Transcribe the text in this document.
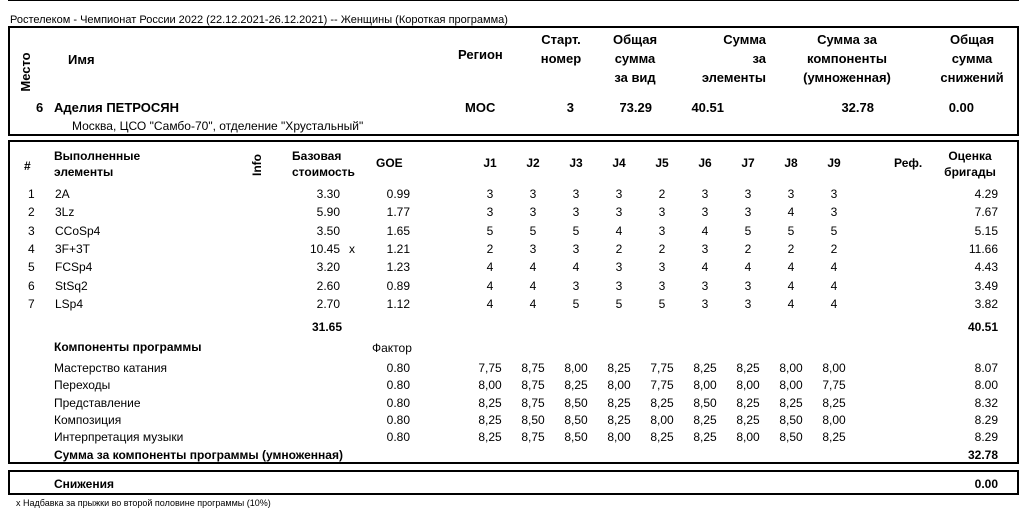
Ростелеком - Чемпионат России 2022 (22.12.2021-26.12.2021) -- Женщины (Короткая программа)
Место	Имя	Регион
Старт.
номер
Общая
сумма
за вид
Сумма
за
элементы
Сумма за
компоненты
(умноженная)
Общая
сумма
снижений
6 Аделия ПЕТРОСЯН
Москва, ЦСО "Самбо-70", отделение "Хрустальный"
МОС	3	73.29	40.51	32.78	0.00
#
Выполненные
элементы	Info Базовая
стоимость
GOE	J1	J2	J3	J4	J5	J6	J7	J8	J9	Реф.	Оценка
бригады
1 2A	3.30	0.99	3	3	3	3	2	3	3	3	3	4.29
2 3Lz	5.90	1.77	3	3	3	3	3	3	3	4	3	7.67
3 CCoSp4	3.50	1.65	5	5	5	4	3	4	5	5	5	5.15
4 3F+3T	10.45 x	1.21	2	3	3	2	2	3	2	2	2	11.66
5 FCSp4	3.20	1.23	4	4	4	3	3	4	4	4	4	4.43
6 StSq2	2.60	0.89	4	4	3	3	3	3	3	4	4	3.49
7 LSp4	2.70	1.12	4	4	5	5	5	3	3	4	4	3.82
31.65	40.51
Компоненты программы	Фактор
Мастерство катания	0.80	7,75	8,75	8,00	8,25	7,75	8,25	8,25	8,00	8,00	8.07
Переходы	0.80	8,00	8,75	8,25	8,00	7,75	8,00	8,00	8,00	7,75	8.00
Представление	0.80	8,25	8,75	8,50	8,25	8,25	8,50	8,25	8,25	8,25	8.32
Композиция	0.80	8,25	8,50	8,50	8,25	8,00	8,25	8,25	8,50	8,00	8.29
Интерпретация музыки	0.80	8,25	8,75	8,50	8,00	8,25	8,25	8,00	8,50	8,25	8.29
Сумма за компоненты программы (умноженная)	32.78
Снижения	0.00
x Надбавка за прыжки во второй половине программы (10%)
